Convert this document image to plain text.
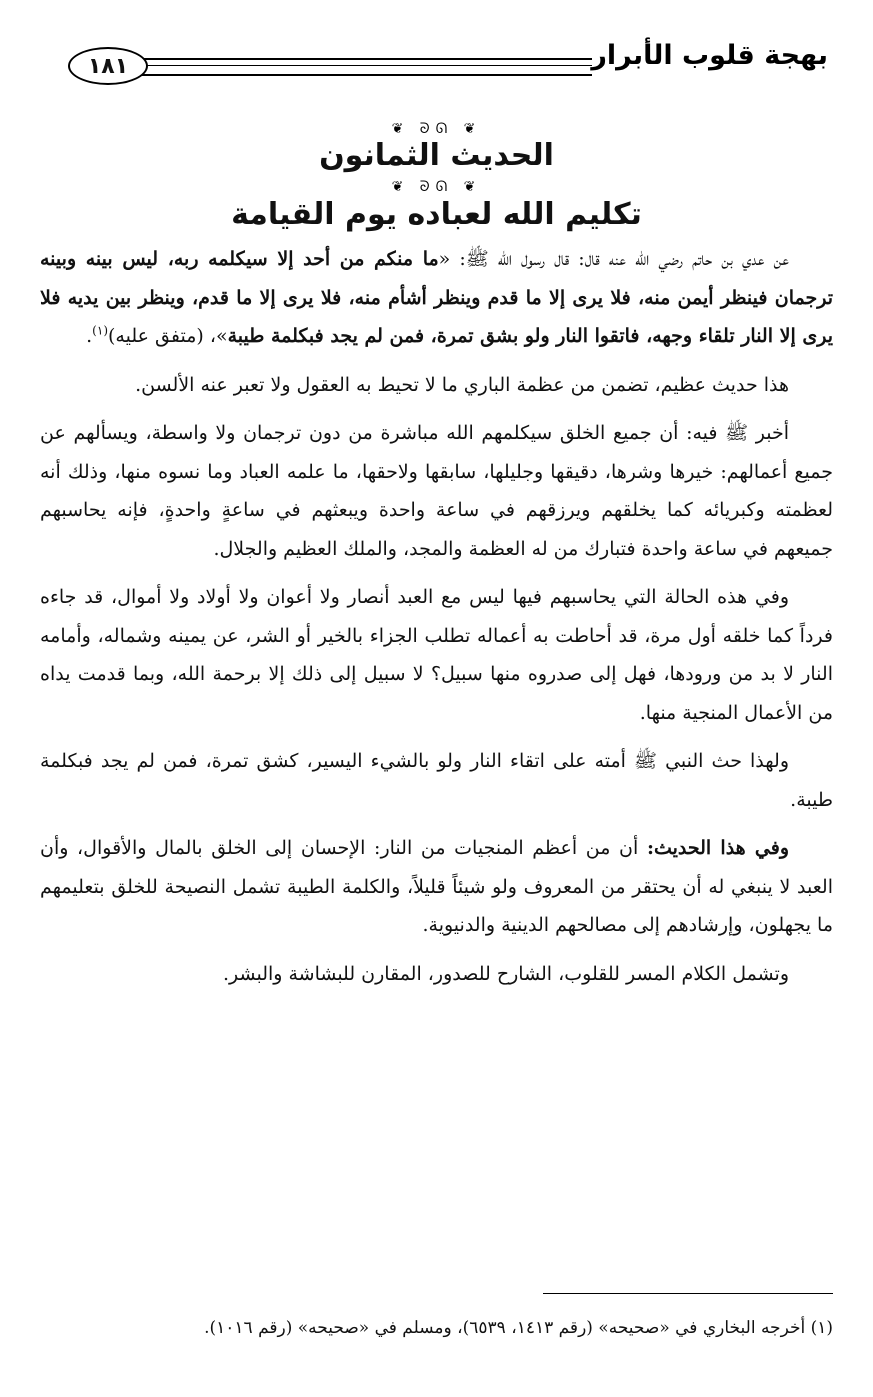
بهجة قلوب الأبرار
١٨١
❦ ᘐᘏ ❦
الحديث الثمانون
❦ ᘐᘏ ❦
تكليم الله لعباده يوم القيامة

عن عدي بن حاتم رضي الله عنه قال: قال رسول الله ﷺ: «ما منكم من أحد إلا سيكلمه ربه، ليس بينه وبينه ترجمان فينظر أيمن منه، فلا يرى إلا ما قدم وينظر أشأم منه، فلا يرى إلا ما قدم، وينظر بين يديه فلا يرى إلا النار تلقاء وجهه، فاتقوا النار ولو بشق تمرة، فمن لم يجد فبكلمة طيبة»، (متفق عليه)$^{(١)}$.

هذا حديث عظيم، تضمن من عظمة الباري ما لا تحيط به العقول ولا تعبر عنه الألسن.

أخبر ﷺ فيه: أن جميع الخلق سيكلمهم الله مباشرة من دون ترجمان ولا واسطة، ويسألهم عن جميع أعمالهم: خيرها وشرها، دقيقها وجليلها، سابقها ولاحقها، ما علمه العباد وما نسوه منها، وذلك أنه لعظمته وكبريائه كما يخلقهم ويرزقهم في ساعة واحدة ويبعثهم في ساعةٍ واحدةٍ، فإنه يحاسبهم جميعهم في ساعة واحدة فتبارك من له العظمة والمجد، والملك العظيم والجلال.

وفي هذه الحالة التي يحاسبهم فيها ليس مع العبد أنصار ولا أعوان ولا أولاد ولا أموال، قد جاءه فرداً كما خلقه أول مرة، قد أحاطت به أعماله تطلب الجزاء بالخير أو الشر، عن يمينه وشماله، وأمامه النار لا بد من ورودها، فهل إلى صدروه منها سبيل؟ لا سبيل إلى ذلك إلا برحمة الله، وبما قدمت يداه من الأعمال المنجية منها.

ولهذا حث النبي ﷺ أمته على اتقاء النار ولو بالشيء اليسير، كشق تمرة، فمن لم يجد فبكلمة طيبة.

وفي هذا الحديث: أن من أعظم المنجيات من النار: الإحسان إلى الخلق بالمال والأقوال، وأن العبد لا ينبغي له أن يحتقر من المعروف ولو شيئاً قليلاً، والكلمة الطيبة تشمل النصيحة للخلق بتعليمهم ما يجهلون، وإرشادهم إلى مصالحهم الدينية والدنيوية.

وتشمل الكلام المسر للقلوب، الشارح للصدور، المقارن للبشاشة والبشر.

(١) أخرجه البخاري في «صحيحه» (رقم ١٤١٣، ٦٥٣٩)، ومسلم في «صحيحه» (رقم ١٠١٦).
